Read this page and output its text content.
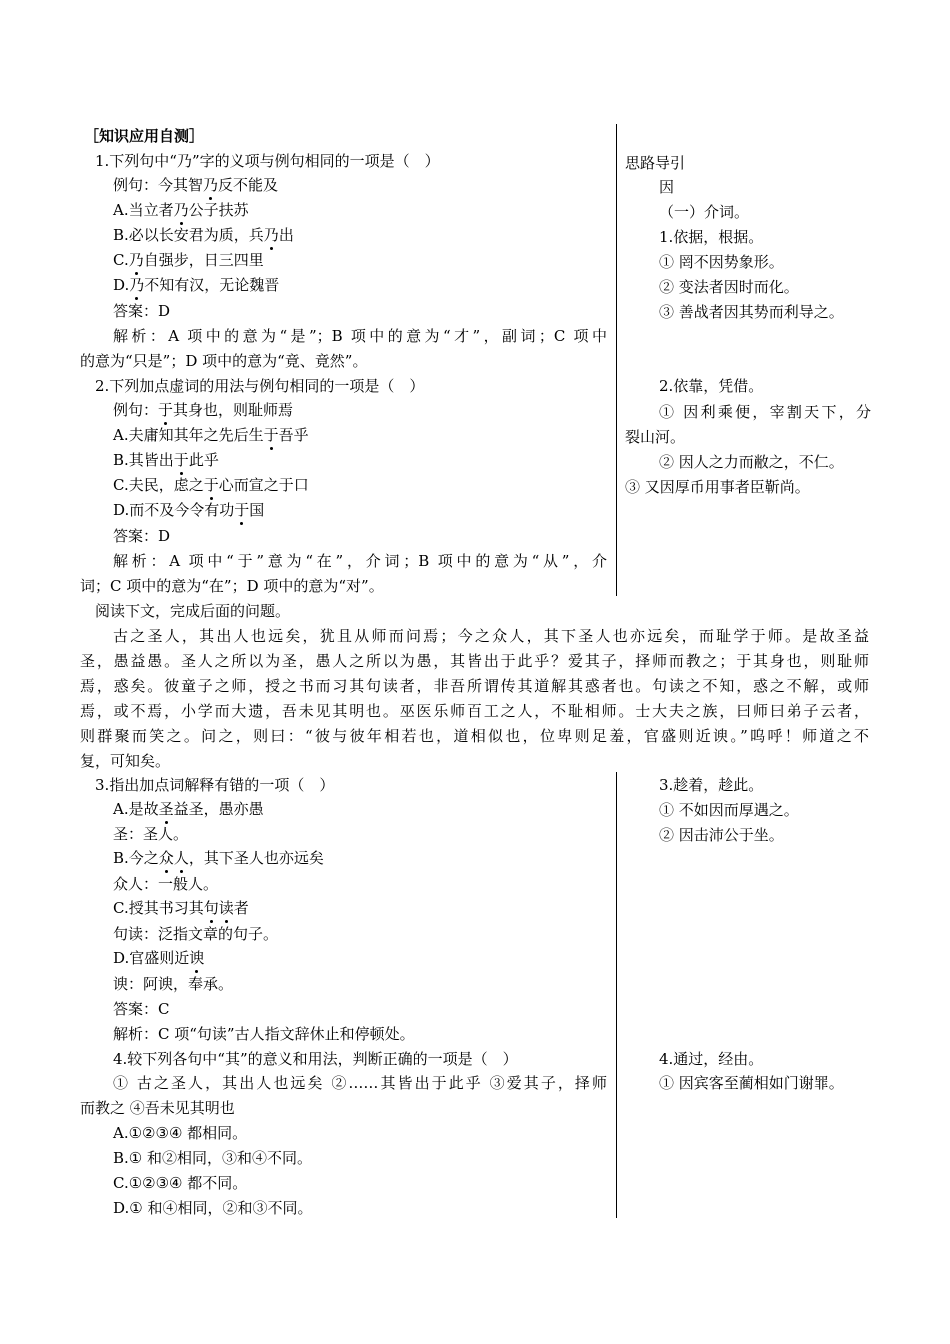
［知识应用自测］
1.下列句中“乃”字的义项与例句相同的一项是（　）
例句：今其智乃反不能及
A.当立者乃公子扶苏
B.必以长安君为质，兵乃出
C.乃自强步，日三四里
D.乃不知有汉，无论魏晋
答案：D
解析：A 项中的意为“是”；B 项中的意为“才”，副词；C 项中
的意为“只是”；D 项中的意为“竟、竟然”。
2.下列加点虚词的用法与例句相同的一项是（　）
例句：于其身也，则耻师焉
A.夫庸知其年之先后生于吾乎
B.其皆出于此乎
C.夫民，虑之于心而宣之于口
D.而不及今令有功于国
答案：D
解析：A 项中“于”意为“在”，介词；B 项中的意为“从”，介
词；C 项中的意为“在”；D 项中的意为“对”。
思路导引
因
（一）介词。
1.依据，根据。
① 罔不因势象形。
② 变法者因时而化。
③ 善战者因其势而利导之。
2.依靠，凭借。
① 因利乘便，宰割天下，分
裂山河。
② 因人之力而敝之，不仁。
③ 又因厚币用事者臣靳尚。
阅读下文，完成后面的问题。
古之圣人，其出人也远矣，犹且从师而问焉；今之众人，其下圣人也亦远矣，而耻学于师。是故圣益
圣，愚益愚。圣人之所以为圣，愚人之所以为愚，其皆出于此乎？爱其子，择师而教之；于其身也，则耻师
焉，惑矣。彼童子之师，授之书而习其句读者，非吾所谓传其道解其惑者也。句读之不知，惑之不解，或师
焉，或不焉，小学而大遗，吾未见其明也。巫医乐师百工之人，不耻相师。士大夫之族，曰师曰弟子云者，
则群聚而笑之。问之，则曰：“彼与彼年相若也，道相似也，位卑则足羞，官盛则近谀。”呜呼！师道之不
复，可知矣。
3.指出加点词解释有错的一项（　）
A.是故圣益圣，愚亦愚
圣：圣人。
B.今之众人，其下圣人也亦远矣
众人：一般人。
C.授其书习其句读者
句读：泛指文章的句子。
D.官盛则近谀
谀：阿谀，奉承。
答案：C
解析：C 项“句读”古人指文辞休止和停顿处。
4.较下列各句中“其”的意义和用法，判断正确的一项是（　）
① 古之圣人，其出人也远矣 ②……其皆出于此乎 ③爱其子，择师
而教之 ④吾未见其明也
A.①②③④ 都相同。
B.① 和②相同，③和④不同。
C.①②③④ 都不同。
D.① 和④相同，②和③不同。
3.趁着，趁此。
① 不如因而厚遇之。
② 因击沛公于坐。
4.通过，经由。
① 因宾客至蔺相如门谢罪。
